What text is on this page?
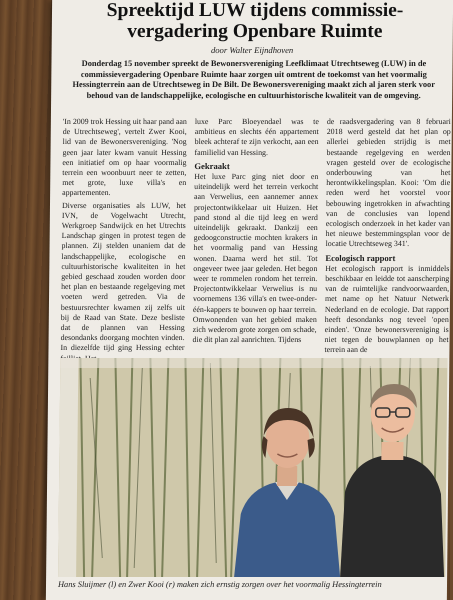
Spreektijd LUW tijdens commissie-
vergadering Openbare Ruimte
door Walter Eijndhoven
Donderdag 15 november spreekt de Bewonersvereniging Leefklimaat Utrechtseweg (LUW) in de commissievergadering Openbare Ruimte haar zorgen uit omtrent de toekomst van het voormalig Hessingterrein aan de Utrechtseweg in De Bilt. De Bewonersvereniging maakt zich al jaren sterk voor behoud van de landschappelijke, ecologische en cultuurhistorische kwaliteit van de omgeving.

'In 2009 trok Hessing uit haar pand aan de Utrechtseweg', vertelt Zwer Kooi, lid van de Bewonersvereniging. 'Nog geen jaar later kwam vanuit Hessing een initiatief om op haar voormalig terrein een woonbuurt neer te zetten, met grote, luxe villa's en appartementen.

Diverse organisaties als LUW, het IVN, de Vogelwacht Utrecht, Werkgroep Sandwijck en het Utrechts Landschap gingen in protest tegen de plannen. Zij stelden unaniem dat de landschappelijke, ecologische en cultuurhistorische kwaliteiten in het gebied geschaad zouden worden door het plan en bestaande regelgeving met voeten werd getreden. Via de bestuursrechter kwamen zij zelfs uit bij de Raad van State. Deze besliste dat de plannen van Hessing desondanks doorgang mochten vinden. In diezelfde tijd ging Hessing echter

luxe Parc Bloeyendael was te ambitieus en slechts één appartement bleek achteraf te zijn verkocht, aan een familielid van Hessing.

Gekraakt

Het luxe Parc ging niet door en uiteindelijk werd het terrein verkocht aan Verwelius, een aannemer annex projectontwikkelaar uit Huizen. Het pand stond al die tijd leeg en werd uiteindelijk gekraakt. Dankzij een gedoogconstructie mochten krakers in het voormalig pand van Hessing wonen. Daarna werd het stil. Tot ongeveer twee jaar geleden. Het begon weer te rommelen rondom het terrein. Projectontwikkelaar Verwelius is nu voornemens 136 villa's en twee-onder-één-kappers te bouwen op haar terrein. Omwonenden van het gebied maken zich wederom grote zorgen om schade, die dit plan zal aanrichten. Tijdens

de raadsvergadering van 8 februari 2018 werd gesteld dat het plan op allerlei gebieden strijdig is met bestaande regelgeving en werden vragen gesteld over de ecologische onderbouwing van het herontwikkelingsplan. Kooi: 'Om die reden werd het voorstel voor bebouwing ingetrokken in afwachting van de conclusies van lopend ecologisch onderzoek in het kader van het nieuwe bestemmingsplan voor de locatie Utrechtseweg 341'.

Ecologisch rapport

Het ecologisch rapport is inmiddels beschikbaar en leidde tot aanscherping van de ruimtelijke randvoorwaarden, met name op het Natuur Netwerk Nederland en de ecologie. Dat rapport heeft desondanks nog teveel 'open einden'. 'Onze bewonersvereniging is niet tegen de bouwplannen op het terrein aan de

Hans Sluijmer (l) en Zwer Kooi (r) maken zich ernstig zorgen over het voormalig Hessingterrein
